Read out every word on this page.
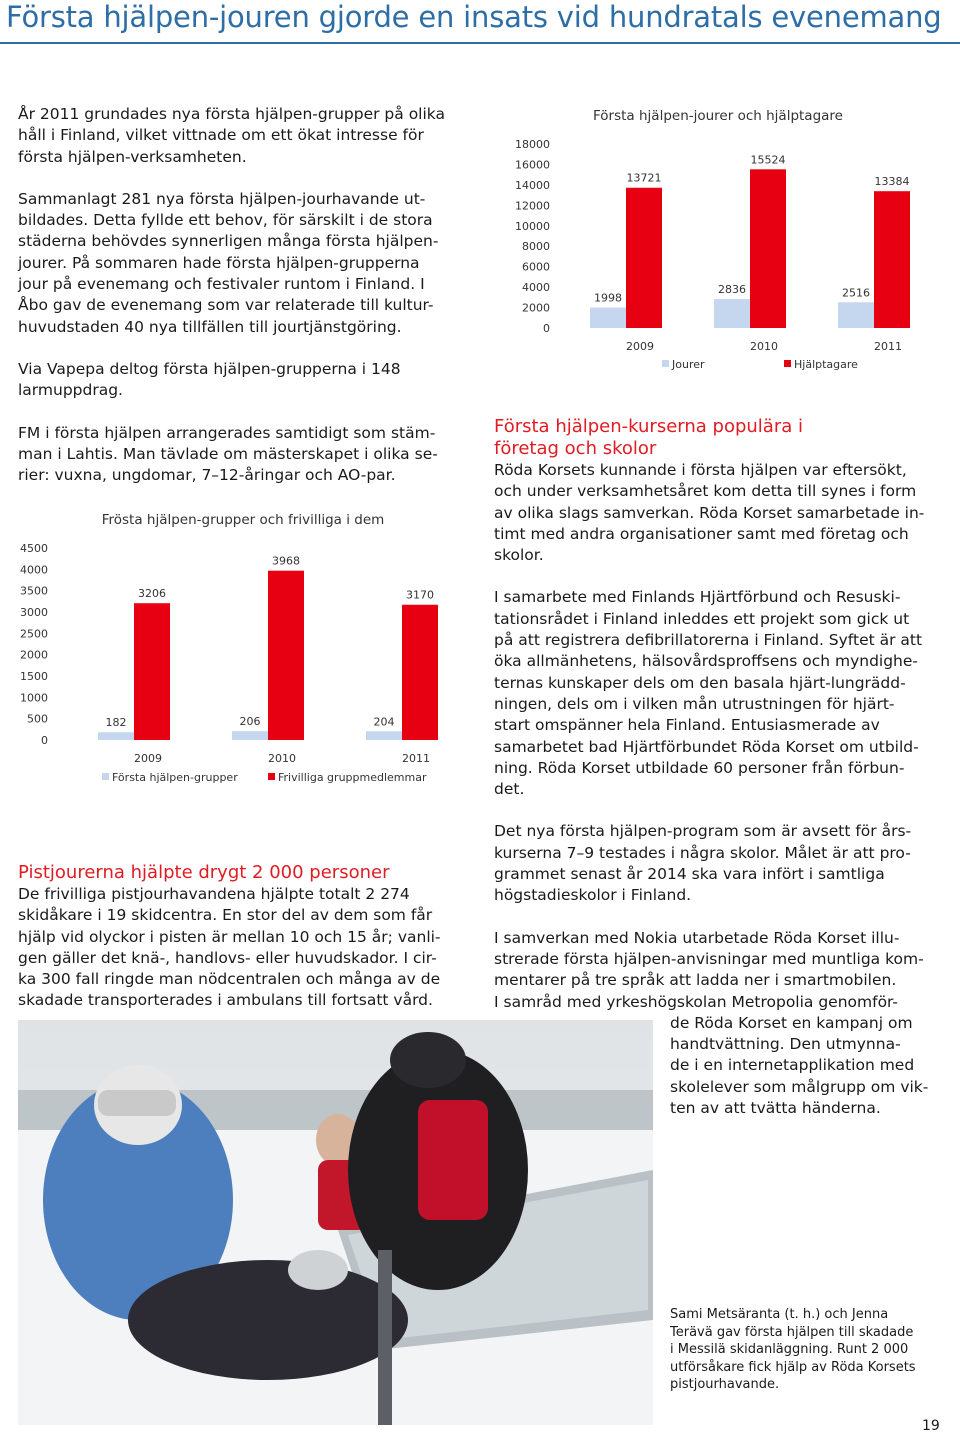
Första hjälpen-jouren gjorde en insats vid hundratals evenemang

År 2011 grundades nya första hjälpen-grupper på olika
håll i Finland, vilket vittnade om ett ökat intresse för
första hjälpen-verksamheten.

Sammanlagt 281 nya första hjälpen-jourhavande ut-
bildades. Detta fyllde ett behov, för särskilt i de stora
städerna behövdes synnerligen många första hjälpen-
jourer. På sommaren hade första hjälpen-grupperna
jour på evenemang och festivaler runtom i Finland. I
Åbo gav de evenemang som var relaterade till kultur-
huvudstaden 40 nya tillfällen till jourtjänstgöring.

Via Vapepa deltog första hjälpen-grupperna i 148
larmuppdrag.

FM i första hjälpen arrangerades samtidigt som stäm-
man i Lahtis. Man tävlade om mästerskapet i olika se-
rier: vuxna, ungdomar, 7–12-åringar och AO-par.

Frösta hjälpen-grupper och frivilliga i dem
0
500
1000
1500
2000
2500
3000
3500
4000
4500
182
3206
206
3968
204
3170
2009	2010	2011
Första hjälpen-grupper	Frivilliga gruppmedlemmar

Pistjourerna hjälpte drygt 2 000 personer

De frivilliga pistjourhavandena hjälpte totalt 2 274
skidåkare i 19 skidcentra. En stor del av dem som får
hjälp vid olyckor i pisten är mellan 10 och 15 år; vanli-
gen gäller det knä-, handlovs- eller huvudskador. I cir-
ka 300 fall ringde man nödcentralen och många av de
skadade transporterades i ambulans till fortsatt vård.

Första hjälpen-jourer och hjälptagare
0
2000
4000
6000
8000
10000
12000
14000
16000
18000
1998
13721
2836
15524
2516
13384
2009	2010	2011
Jourer	Hjälptagare

Första hjälpen-kurserna populära i
företag och skolor

Röda Korsets kunnande i första hjälpen var eftersökt,
och under verksamhetsåret kom detta till synes i form
av olika slags samverkan. Röda Korset samarbetade in-
timt med andra organisationer samt med företag och
skolor.

I samarbete med Finlands Hjärtförbund och Resuski-
tationsrådet i Finland inleddes ett projekt som gick ut
på att registrera defibrillatorerna i Finland. Syftet är att
öka allmänhetens, hälsovårdsproffsens och myndighe-
ternas kunskaper dels om den basala hjärt-lungrädd-
ningen, dels om i vilken mån utrustningen för hjärt-
start omspänner hela Finland. Entusiasmerade av
samarbetet bad Hjärtförbundet Röda Korset om utbild-
ning. Röda Korset utbildade 60 personer från förbun-
det.

Det nya första hjälpen-program som är avsett för års-
kurserna 7–9 testades i några skolor. Målet är att pro-
grammet senast år 2014 ska vara infört i samtliga
högstadieskolor i Finland.

I samverkan med Nokia utarbetade Röda Korset illu-
strerade första hjälpen-anvisningar med muntliga kom-
mentarer på tre språk att ladda ner i smartmobilen.
I samråd med yrkeshögskolan Metropolia genomför-
de Röda Korset en kampanj om
handtvättning. Den utmynna-
de i en internetapplikation med
skolelever som målgrupp om vik-
ten av att tvätta händerna.

Sami Metsäranta (t. h.) och Jenna
Terävä gav första hjälpen till skadade
i Messilä skidanläggning. Runt 2 000
utförsåkare fick hjälp av Röda Korsets
pistjourhavande.
19
